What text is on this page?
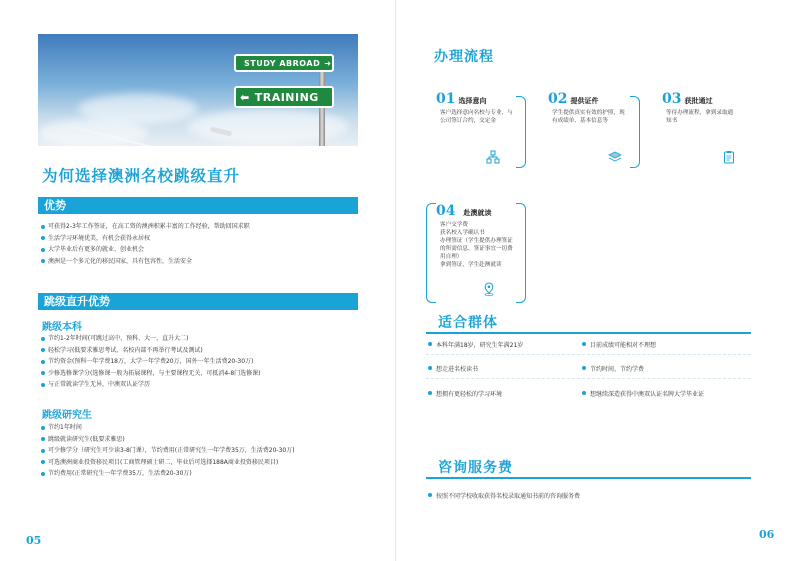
STUDY ABROAD ➜
⬅ TRAINING
为何选择澳洲名校跳级直升
优势
可获得2-3年工作签证，在高工资的澳洲积累丰富的工作经验，帮助回国求职
生活学习环境优美，有机会获得永居权
大学毕业后有更多的就业、创业机会
澳洲是一个多元化的移民国家，具有包容性，生活安全
跳级直升优势
跳级本科
节约1-2年时间(可跳过高中、预科、大一，直升大二)
轻松学习(低要求雅思考试、名校内部不再举行考试及测试)
节约资金(预科一年学费18万，大学一年学费20万，国外一年生活费20-30万)
少修选修课学分(选修课一般为拓展课程，与主要课程无关，可抵消4-8门选修课)
与正常就读学生无异，中澳双认证学历
跳级研究生
节约1年时间
跳级就读研究生(低要求雅思)
可少修学分（研究生可少读3-8门课），节约费用(正常研究生一年学费35万，生活费20-30万)
可选澳洲商业投资移民项目(工商管理硕士研二，毕业后可选择188A商业投资移民项目)
节约费用(正常研究生一年学费35万，生活费20-30万)
05
办理流程
01 选择意向
客户选择意向名校与专业，与公司签订合约，交定金
02 提供证件
学生提供真实有效的护照，现有成绩单、基本信息等
03 获批通过
等待办理流程，拿到录取通知书
04 赴澳就读
客户交学费
获名校入学确认书
办理签证（学生提供办理签证的所需信息，签证事宜一切费用自理）
拿到签证，学生赴澳就读
适合群体
本科年满18岁，研究生年满21岁	目前成绩可能相对不理想
想走进名校读书	节约时间、节约学费
想拥有更轻松的学习环境	想继续深造获得中澳双认证名牌大学毕业证
咨询服务费
按照不同学校收取获得名校录取通知书前的咨询服务费
06
